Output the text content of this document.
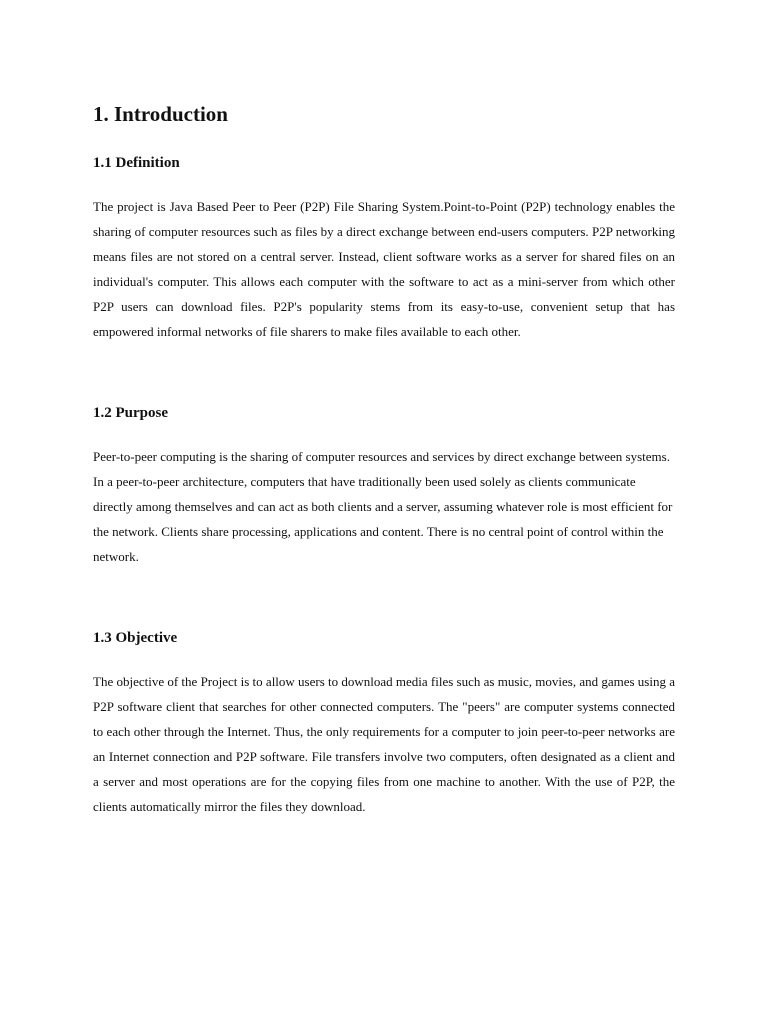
1. Introduction
1.1 Definition

The project is Java Based Peer to Peer (P2P) File Sharing System.Point-to-Point (P2P) technology enables the sharing of computer resources such as files by a direct exchange between end-users computers. P2P networking means files are not stored on a central server. Instead, client software works as a server for shared files on an individual's computer. This allows each computer with the software to act as a mini-server from which other P2P users can download files. P2P's popularity stems from its easy-to-use, convenient setup that has empowered informal networks of file sharers to make files available to each other.

1.2 Purpose

Peer-to-peer computing is the sharing of computer resources and services by direct exchange between systems. In a peer-to-peer architecture, computers that have traditionally been used solely as clients communicate directly among themselves and can act as both clients and a server, assuming whatever role is most efficient for the network. Clients share processing, applications and content. There is no central point of control within the network.

1.3 Objective

The objective of the Project is to allow users to download media files such as music, movies, and games using a P2P software client that searches for other connected computers. The "peers" are computer systems connected to each other through the Internet. Thus, the only requirements for a computer to join peer-to-peer networks are an Internet connection and P2P software. File transfers involve two computers, often designated as a client and a server and most operations are for the copying files from one machine to another. With the use of P2P, the clients automatically mirror the files they download.
